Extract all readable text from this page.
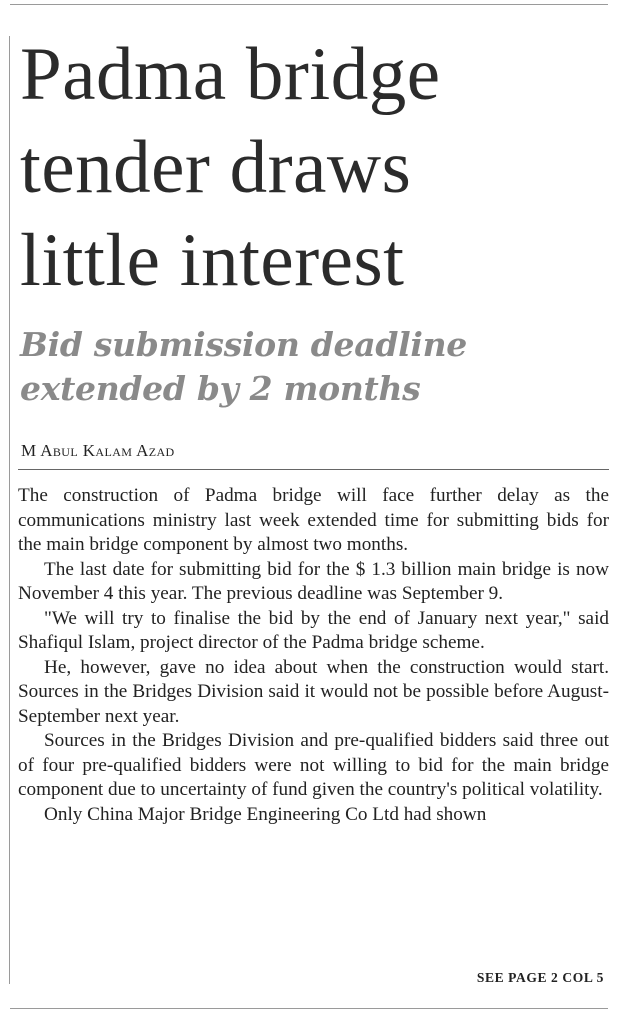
Padma bridge
tender draws
little interest
Bid submission deadline
extended by 2 months
M Abul Kalam Azad

The construction of Padma bridge will face further delay as the communications ministry last week extended time for submitting bids for the main bridge component by almost two months.

The last date for submitting bid for the $ 1.3 billion main bridge is now November 4 this year. The previous deadline was September 9.

"We will try to finalise the bid by the end of January next year," said Shafiqul Islam, project director of the Padma bridge scheme.

He, however, gave no idea about when the construction would start. Sources in the Bridges Division said it would not be possible before August-September next year.

Sources in the Bridges Division and pre-qualified bidders said three out of four pre-qualified bidders were not willing to bid for the main bridge component due to uncertainty of fund given the country's political volatility.

Only China Major Bridge Engineering Co Ltd had shown

SEE PAGE 2 COL 5
